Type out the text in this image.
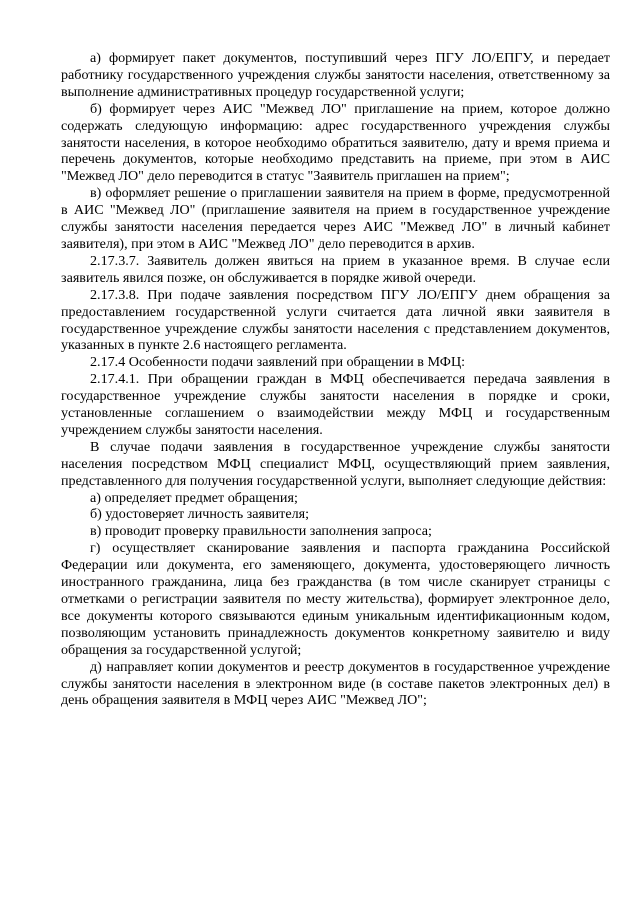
а) формирует пакет документов, поступивший через ПГУ ЛО/ЕПГУ, и передает работнику государственного учреждения службы занятости населения, ответственному за выполнение административных процедур государственной услуги;

б) формирует через АИС "Межвед ЛО" приглашение на прием, которое должно содержать следующую информацию: адрес государственного учреждения службы занятости населения, в которое необходимо обратиться заявителю, дату и время приема и перечень документов, которые необходимо представить на приеме, при этом в АИС "Межвед ЛО" дело переводится в статус "Заявитель приглашен на прием";

в) оформляет решение о приглашении заявителя на прием в форме, предусмотренной в АИС "Межвед ЛО" (приглашение заявителя на прием в государственное учреждение службы занятости населения передается через АИС "Межвед ЛО" в личный кабинет заявителя), при этом в АИС "Межвед ЛО" дело переводится в архив.

2.17.3.7. Заявитель должен явиться на прием в указанное время. В случае если заявитель явился позже, он обслуживается в порядке живой очереди.

2.17.3.8. При подаче заявления посредством ПГУ ЛО/ЕПГУ днем обращения за предоставлением государственной услуги считается дата личной явки заявителя в государственное учреждение службы занятости населения с представлением документов, указанных в пункте 2.6 настоящего регламента.

2.17.4 Особенности подачи заявлений при обращении в МФЦ:

2.17.4.1. При обращении граждан в МФЦ обеспечивается передача заявления в государственное учреждение службы занятости населения в порядке и сроки, установленные соглашением о взаимодействии между МФЦ и государственным учреждением службы занятости населения.

В случае подачи заявления в государственное учреждение службы занятости населения посредством МФЦ специалист МФЦ, осуществляющий прием заявления, представленного для получения государственной услуги, выполняет следующие действия:

а) определяет предмет обращения;

б) удостоверяет личность заявителя;

в) проводит проверку правильности заполнения запроса;

г) осуществляет сканирование заявления и паспорта гражданина Российской Федерации или документа, его заменяющего, документа, удостоверяющего личность иностранного гражданина, лица без гражданства (в том числе сканирует страницы с отметками о регистрации заявителя по месту жительства), формирует электронное дело, все документы которого связываются единым уникальным идентификационным кодом, позволяющим установить принадлежность документов конкретному заявителю и виду обращения за государственной услугой;

д) направляет копии документов и реестр документов в государственное учреждение службы занятости населения в электронном виде (в составе пакетов электронных дел) в день обращения заявителя в МФЦ через АИС "Межвед ЛО";
